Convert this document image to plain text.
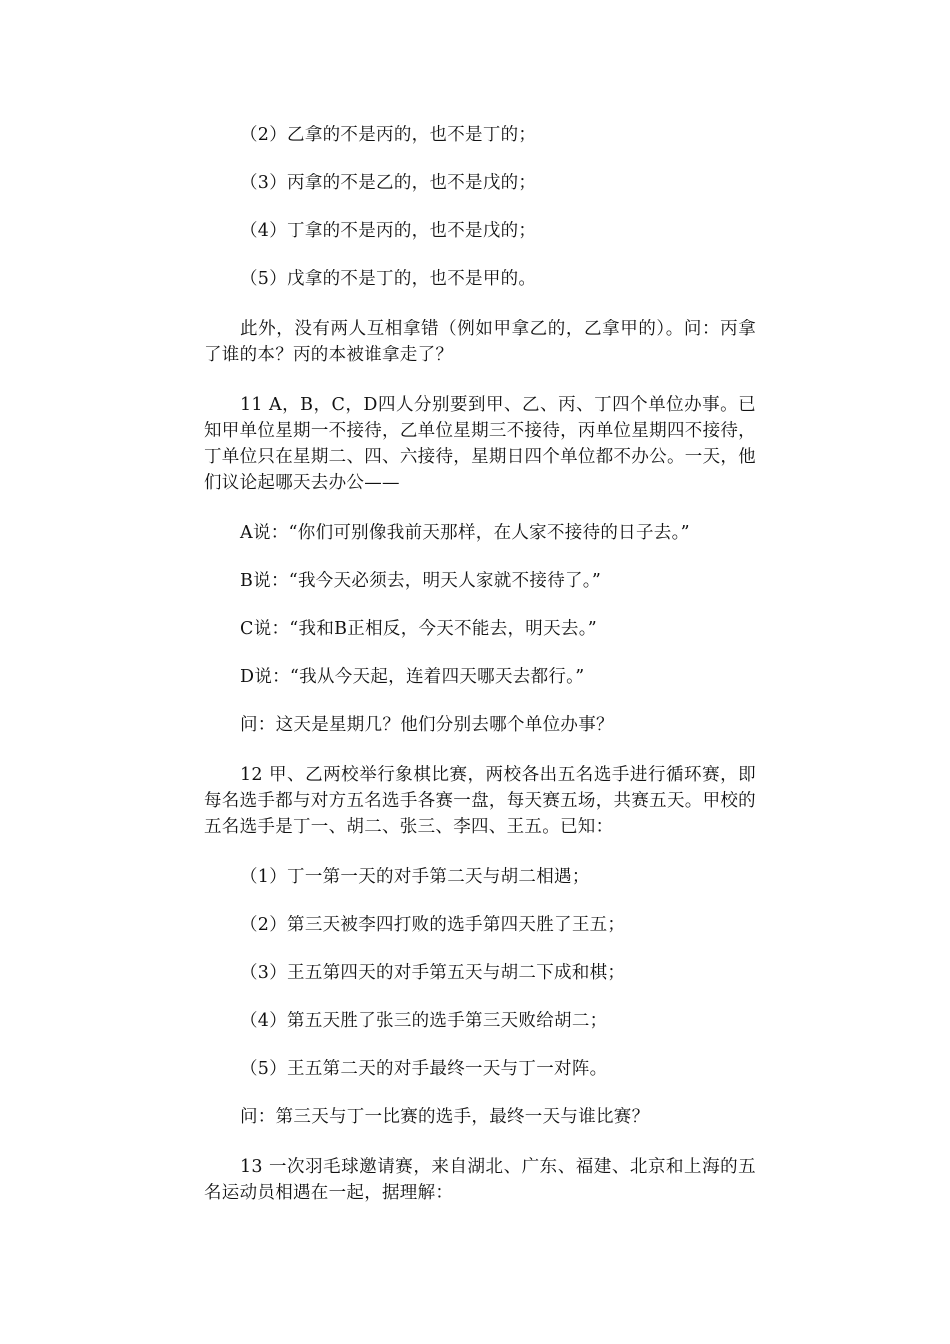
（2）乙拿的不是丙的，也不是丁的；

（3）丙拿的不是乙的，也不是戊的；

（4）丁拿的不是丙的，也不是戊的；

（5）戊拿的不是丁的，也不是甲的。

此外，没有两人互相拿错（例如甲拿乙的，乙拿甲的）。问：丙拿了谁的本？丙的本被谁拿走了？

11 A，B，C，D四人分别要到甲、乙、丙、丁四个单位办事。已知甲单位星期一不接待，乙单位星期三不接待，丙单位星期四不接待，丁单位只在星期二、四、六接待，星期日四个单位都不办公。一天，他们议论起哪天去办公——

A说：“你们可别像我前天那样，在人家不接待的日子去。”

B说：“我今天必须去，明天人家就不接待了。”

C说：“我和B正相反，今天不能去，明天去。”

D说：“我从今天起，连着四天哪天去都行。”

问：这天是星期几？他们分别去哪个单位办事？

12 甲、乙两校举行象棋比赛，两校各出五名选手进行循环赛，即每名选手都与对方五名选手各赛一盘，每天赛五场，共赛五天。甲校的五名选手是丁一、胡二、张三、李四、王五。已知：

（1）丁一第一天的对手第二天与胡二相遇；

（2）第三天被李四打败的选手第四天胜了王五；

（3）王五第四天的对手第五天与胡二下成和棋；

（4）第五天胜了张三的选手第三天败给胡二；

（5）王五第二天的对手最终一天与丁一对阵。

问：第三天与丁一比赛的选手，最终一天与谁比赛？

13 一次羽毛球邀请赛，来自湖北、广东、福建、北京和上海的五名运动员相遇在一起，据理解：
